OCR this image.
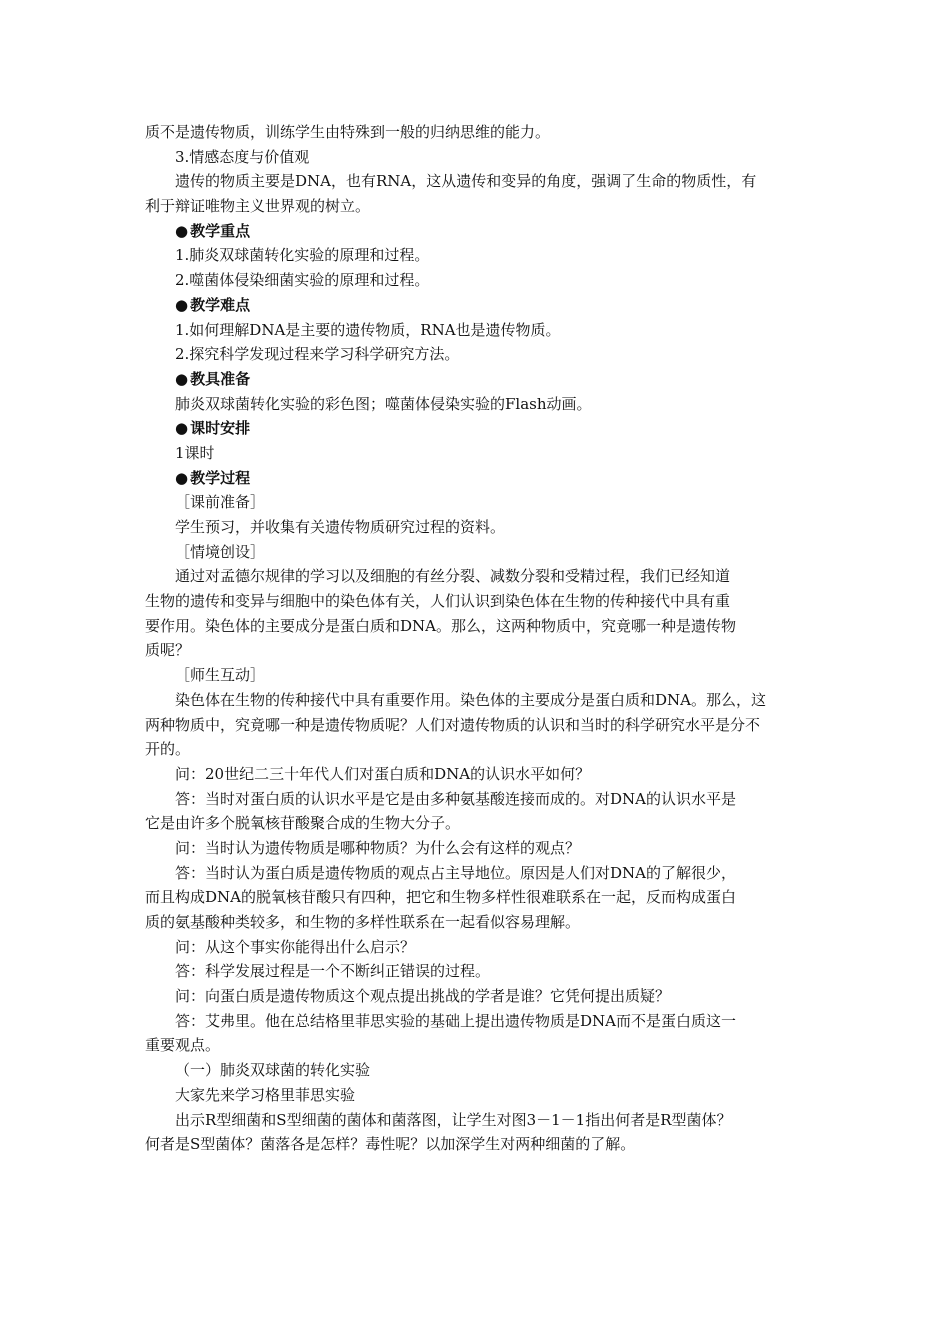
质不是遗传物质，训练学生由特殊到一般的归纳思维的能力。
3.情感态度与价值观
遗传的物质主要是DNA，也有RNA，这从遗传和变异的角度，强调了生命的物质性，有
利于辩证唯物主义世界观的树立。
● 教学重点
1.肺炎双球菌转化实验的原理和过程。
2.噬菌体侵染细菌实验的原理和过程。
● 教学难点
1.如何理解DNA是主要的遗传物质，RNA也是遗传物质。
2.探究科学发现过程来学习科学研究方法。
● 教具准备
肺炎双球菌转化实验的彩色图；噬菌体侵染实验的Flash动画。
● 课时安排
1课时
● 教学过程
［课前准备］
学生预习，并收集有关遗传物质研究过程的资料。
［情境创设］
通过对孟德尔规律的学习以及细胞的有丝分裂、减数分裂和受精过程，我们已经知道
生物的遗传和变异与细胞中的染色体有关，人们认识到染色体在生物的传种接代中具有重
要作用。染色体的主要成分是蛋白质和DNA。那么，这两种物质中，究竟哪一种是遗传物
质呢？
［师生互动］
染色体在生物的传种接代中具有重要作用。染色体的主要成分是蛋白质和DNA。那么，这
两种物质中，究竟哪一种是遗传物质呢？人们对遗传物质的认识和当时的科学研究水平是分不
开的。
问：20世纪二三十年代人们对蛋白质和DNA的认识水平如何？
答：当时对蛋白质的认识水平是它是由多种氨基酸连接而成的。对DNA的认识水平是
它是由许多个脱氧核苷酸聚合成的生物大分子。
问：当时认为遗传物质是哪种物质？为什么会有这样的观点？
答：当时认为蛋白质是遗传物质的观点占主导地位。原因是人们对DNA的了解很少，
而且构成DNA的脱氧核苷酸只有四种，把它和生物多样性很难联系在一起，反而构成蛋白
质的氨基酸种类较多，和生物的多样性联系在一起看似容易理解。
问：从这个事实你能得出什么启示？
答：科学发展过程是一个不断纠正错误的过程。
问：向蛋白质是遗传物质这个观点提出挑战的学者是谁？它凭何提出质疑？
答：艾弗里。他在总结格里菲思实验的基础上提出遗传物质是DNA而不是蛋白质这一
重要观点。
（一）肺炎双球菌的转化实验
大家先来学习格里菲思实验
出示R型细菌和S型细菌的菌体和菌落图，让学生对图3－1－1指出何者是R型菌体？
何者是S型菌体？菌落各是怎样？毒性呢？以加深学生对两种细菌的了解。
